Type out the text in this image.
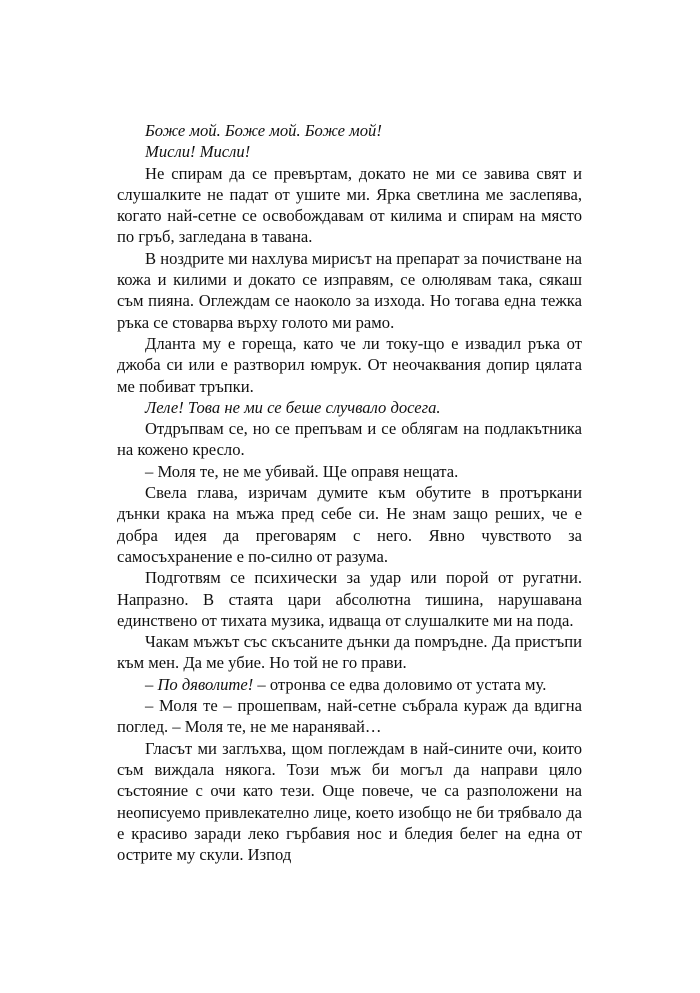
Боже мой. Боже мой. Боже мой!

Мисли! Мисли!

Не спирам да се превъртам, докато не ми се завива свят и слушалките не падат от ушите ми. Ярка светлина ме заслепява, когато най-сетне се освобождавам от килима и спирам на място по гръб, загледана в тавана.

В ноздрите ми нахлува мирисът на препарат за почистване на кожа и килими и докато се изправям, се олюлявам така, сякаш съм пияна. Оглеждам се наоколо за изхода. Но тогава една тежка ръка се стоварва върху голото ми рамо.

Дланта му е гореща, като че ли току-що е извадил ръка от джоба си или е разтворил юмрук. От неочаквания допир цялата ме побиват тръпки.

Леле! Това не ми се беше случвало досега.

Отдръпвам се, но се препъвам и се облягам на подлакътника на кожено кресло.

– Моля те, не ме убивай. Ще оправя нещата.

Свела глава, изричам думите към обутите в протъркани дънки крака на мъжа пред себе си. Не знам защо реших, че е добра идея да преговарям с него. Явно чувството за самосъхранение е по-силно от разума.

Подготвям се психически за удар или порой от ругатни. Напразно. В стаята цари абсолютна тишина, нарушавана единствено от тихата музика, идваща от слушалките ми на пода.

Чакам мъжът със скъсаните дънки да помръдне. Да пристъпи към мен. Да ме убие. Но той не го прави.

– По дяволите! – отронва се едва доловимо от устата му.

– Моля те – прошепвам, най-сетне събрала кураж да вдигна поглед. – Моля те, не ме наранявай…

Гласът ми заглъхва, щом поглеждам в най-сините очи, които съм виждала някога. Този мъж би могъл да направи цяло състояние с очи като тези. Още повече, че са разположени на неописуемо привлекателно лице, което изобщо не би трябвало да е красиво заради леко гърбавия нос и бледия белег на една от острите му скули. Изпод
